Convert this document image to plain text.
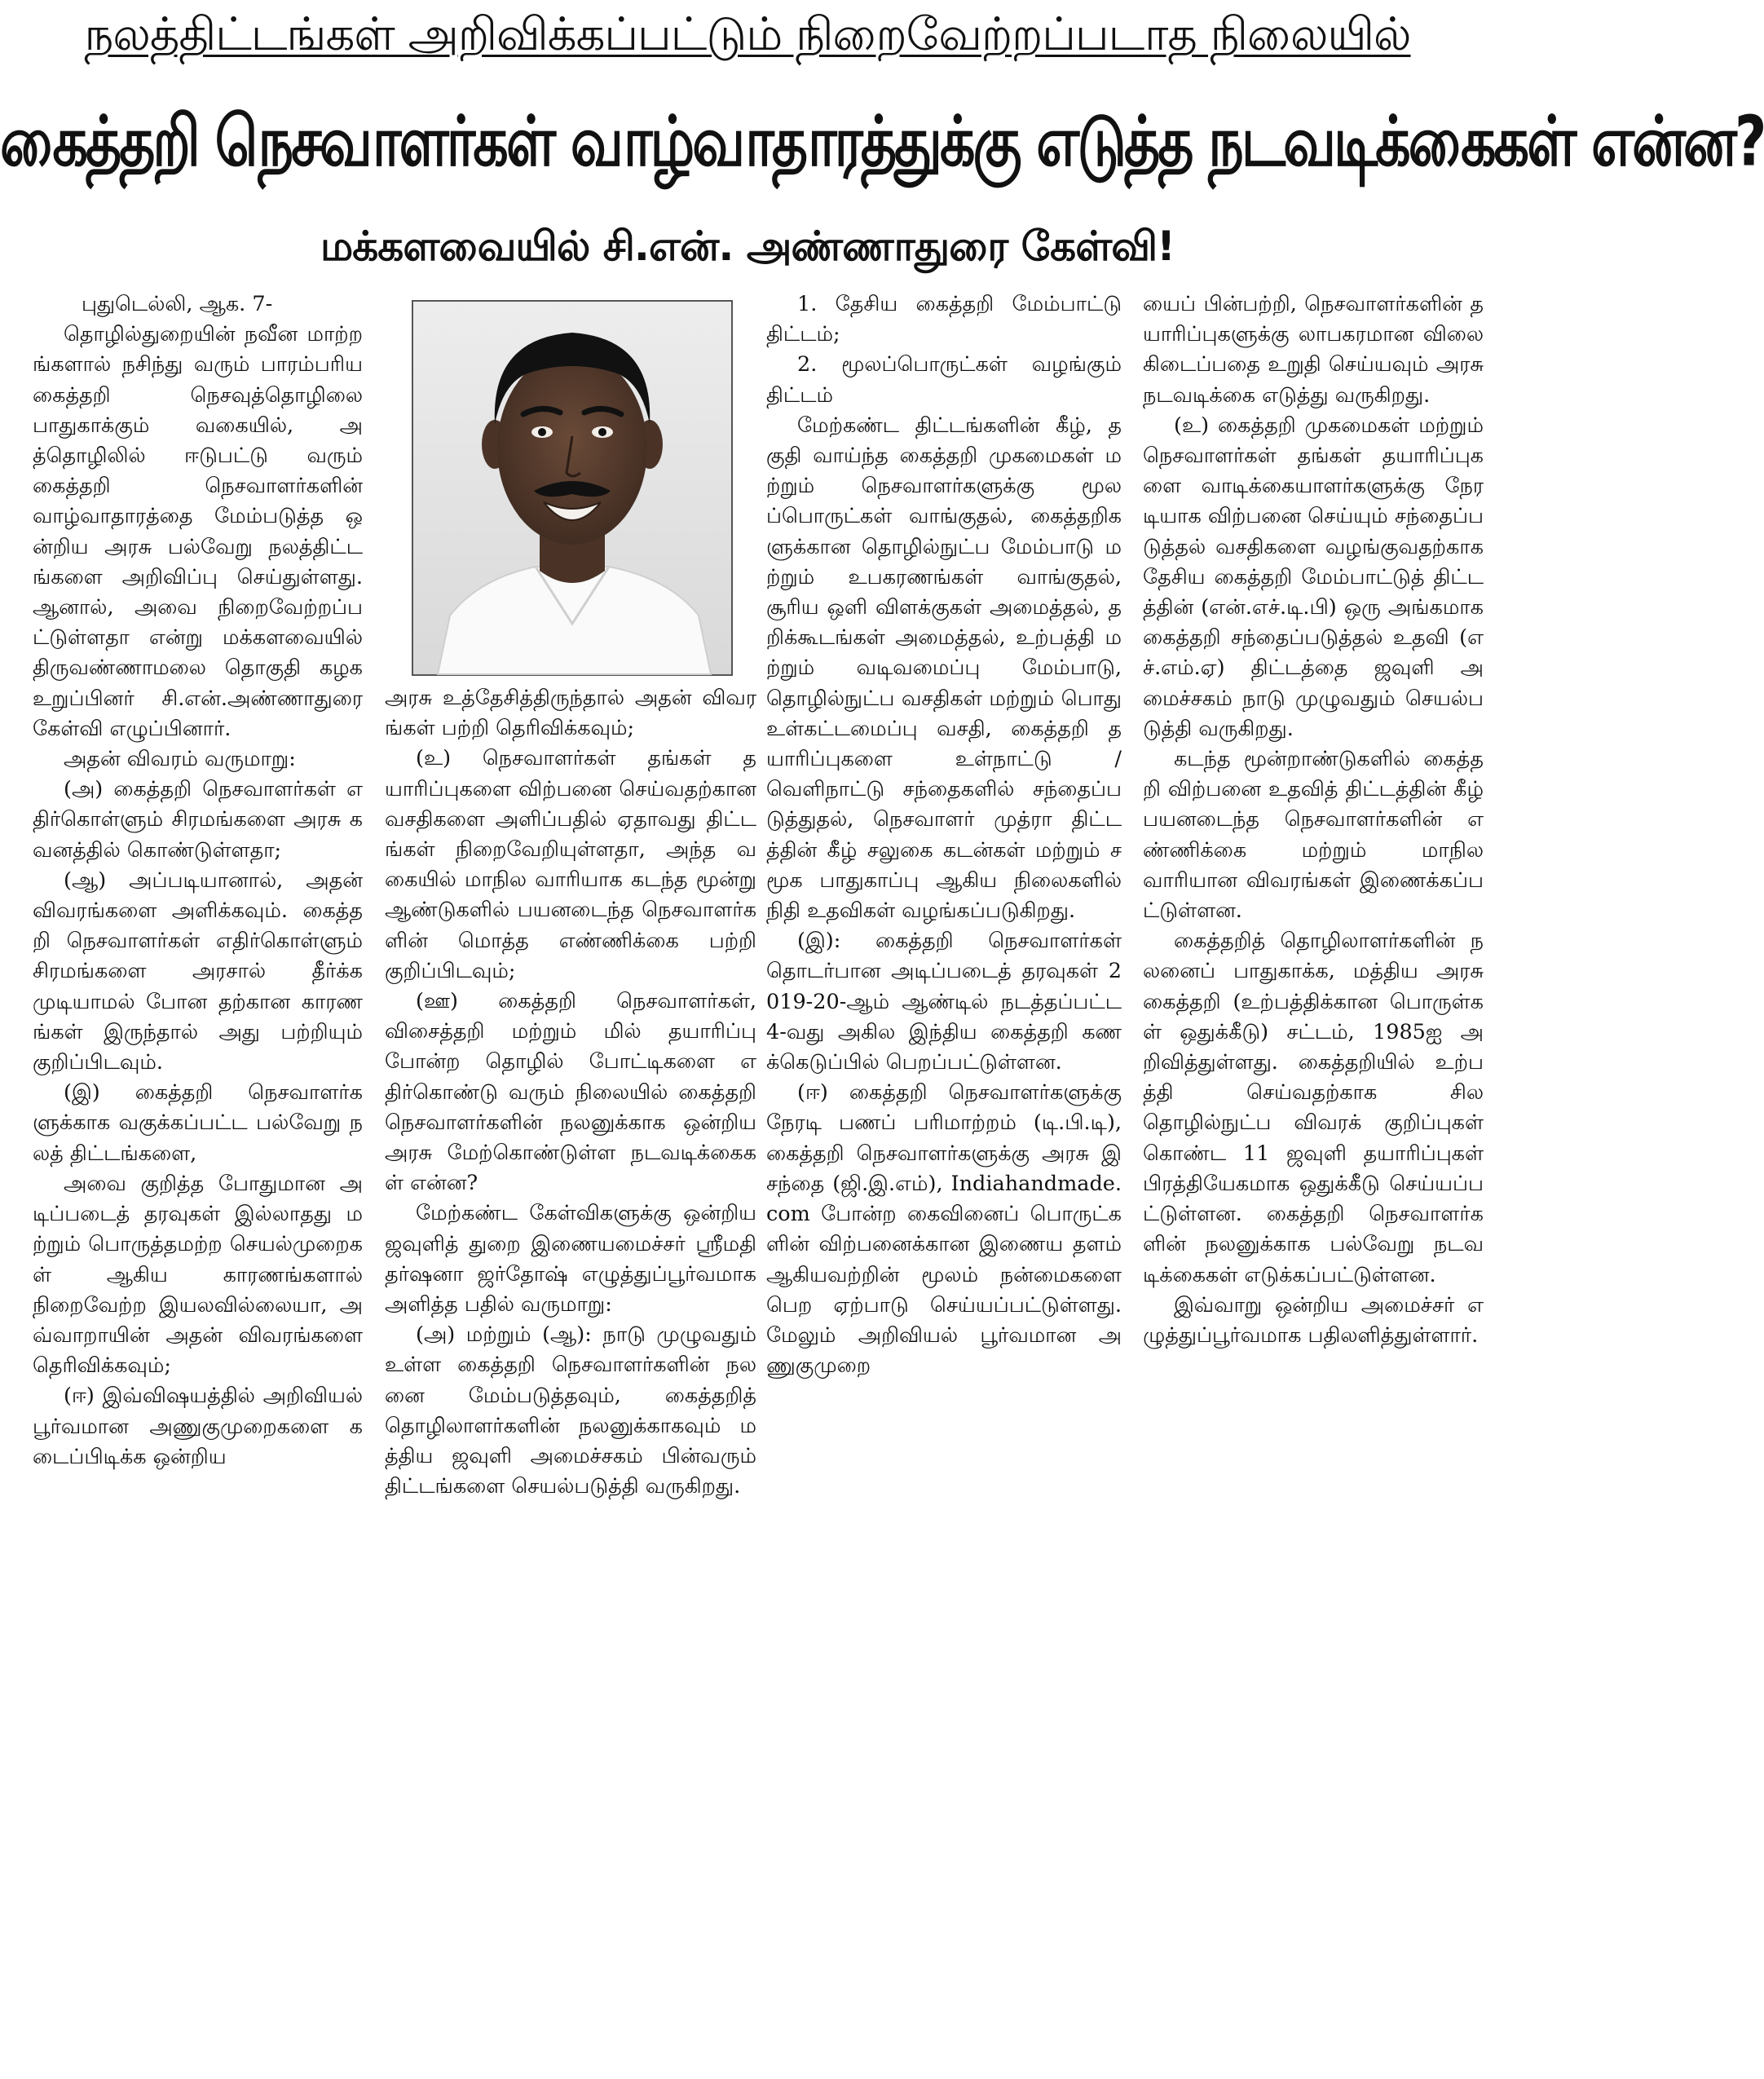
நலத்திட்டங்கள் அறிவிக்கப்பட்டும் நிறைவேற்றப்படாத நிலையில்
கைத்தறி நெசவாளர்கள் வாழ்வாதாரத்துக்கு எடுத்த நடவடிக்கைகள் என்ன?
மக்களவையில் சி.என். அண்ணாதுரை கேள்வி!

புதுடெல்லி, ஆக. 7-

தொழில்துறையின் நவீன மாற்றங்களால் நசிந்து வரும் பாரம்பரிய கைத்தறி நெசவுத்தொழிலை பாதுகாக்கும் வகையில், அத்தொழிலில் ஈடுபட்டு வரும் கைத்தறி நெசவாளர்களின் வாழ்வாதாரத்தை மேம்படுத்த ஒன்றிய அரசு பல்வேறு நலத்திட்டங்களை அறிவிப்பு செய்துள்ளது. ஆனால், அவை நிறைவேற்றப்பட்டுள்ளதா என்று மக்களவையில் திருவண்ணாமலை தொகுதி கழக உறுப்பினர் சி.என்.அண்ணாதுரை கேள்வி எழுப்பினார்.

அதன் விவரம் வருமாறு:

(அ) கைத்தறி நெசவாளர்கள் எதிர்கொள்ளும் சிரமங்களை அரசு கவனத்தில் கொண்டுள்ளதா;

(ஆ) அப்படியானால், அதன் விவரங்களை அளிக்கவும். கைத்தறி நெசவாளர்கள் எதிர்கொள்ளும் சிரமங்களை அரசால் தீர்க்க முடியாமல் போன தற்கான காரணங்கள் இருந்தால் அது பற்றியும் குறிப்பிடவும்.

(இ) கைத்தறி நெசவாளர்களுக்காக வகுக்கப்பட்ட பல்வேறு நலத் திட்டங்களை,

அவை குறித்த போதுமான அடிப்படைத் தரவுகள் இல்லாதது மற்றும் பொருத்தமற்ற செயல்முறைகள் ஆகிய காரணங்களால் நிறைவேற்ற இயலவில்லையா, அவ்வாறாயின் அதன் விவரங்களை தெரிவிக்கவும்;

(ஈ) இவ்விஷயத்தில் அறிவியல் பூர்வமான அணுகுமுறைகளை கடைப்பிடிக்க ஒன்றிய

அரசு உத்தேசித்திருந்தால் அதன் விவரங்கள் பற்றி தெரிவிக்கவும்;

(உ) நெசவாளர்கள் தங்கள் தயாரிப்புகளை விற்பனை செய்வதற்கான வசதிகளை அளிப்பதில் ஏதாவது திட்டங்கள் நிறைவேறியுள்ளதா, அந்த வகையில் மாநில வாரியாக கடந்த மூன்று ஆண்டுகளில் பயனடைந்த நெசவாளர்களின் மொத்த எண்ணிக்கை பற்றி குறிப்பிடவும்;

(ஊ) கைத்தறி நெசவாளர்கள், விசைத்தறி மற்றும் மில் தயாரிப்பு போன்ற தொழில் போட்டிகளை எதிர்கொண்டு வரும் நிலையில் கைத்தறி நெசவாளர்களின் நலனுக்காக ஒன்றிய அரசு மேற்கொண்டுள்ள நடவடிக்கைகள் என்ன?

மேற்கண்ட கேள்விகளுக்கு ஒன்றிய ஜவுளித் துறை இணையமைச்சர் ஸ்ரீமதி தர்ஷனா ஜர்தோஷ் எழுத்துப்பூர்வமாக அளித்த பதில் வருமாறு:

(அ) மற்றும் (ஆ): நாடு முழுவதும் உள்ள கைத்தறி நெசவாளர்களின் நலனை மேம்படுத்தவும், கைத்தறித் தொழிலாளர்களின் நலனுக்காகவும் மத்திய ஜவுளி அமைச்சகம் பின்வரும் திட்டங்களை செயல்படுத்தி வருகிறது.

1. தேசிய கைத்தறி மேம்பாட்டு திட்டம்;

2. மூலப்பொருட்கள் வழங்கும் திட்டம்

மேற்கண்ட திட்டங்களின் கீழ், தகுதி வாய்ந்த கைத்தறி முகமைகள் மற்றும் நெசவாளர்களுக்கு மூலப்பொருட்கள் வாங்குதல், கைத்தறிகளுக்கான தொழில்நுட்ப மேம்பாடு மற்றும் உபகரணங்கள் வாங்குதல், சூரிய ஒளி விளக்குகள் அமைத்தல், தறிக்கூடங்கள் அமைத்தல், உற்பத்தி மற்றும் வடிவமைப்பு மேம்பாடு, தொழில்நுட்ப வசதிகள் மற்றும் பொது உள்கட்டமைப்பு வசதி, கைத்தறி தயாரிப்புகளை உள்நாட்டு / வெளிநாட்டு சந்தைகளில் சந்தைப்படுத்துதல், நெசவாளர் முத்ரா திட்டத்தின் கீழ் சலுகை கடன்கள் மற்றும் சமூக பாதுகாப்பு ஆகிய நிலைகளில் நிதி உதவிகள் வழங்கப்படுகிறது.

(இ): கைத்தறி நெசவாளர்கள் தொடர்பான அடிப்படைத் தரவுகள் 2019-20-ஆம் ஆண்டில் நடத்தப்பட்ட 4-வது அகில இந்திய கைத்தறி கணக்கெடுப்பில் பெறப்பட்டுள்ளன.

(ஈ) கைத்தறி நெசவாளர்களுக்கு நேரடி பணப் பரிமாற்றம் (டி.பி.டி), கைத்தறி நெசவாளர்களுக்கு அரசு இ சந்தை (ஜி.இ.எம்), Indiahandmade.com போன்ற கைவினைப் பொருட்களின் விற்பனைக்கான இணைய தளம் ஆகியவற்றின் மூலம் நன்மைகளை பெற ஏற்பாடு செய்யப்பட்டுள்ளது. மேலும் அறிவியல் பூர்வமான அணுகுமுறை

யைப் பின்பற்றி, நெசவாளர்களின் தயாரிப்புகளுக்கு லாபகரமான விலை கிடைப்பதை உறுதி செய்யவும் அரசு நடவடிக்கை எடுத்து வருகிறது.

(உ) கைத்தறி முகமைகள் மற்றும் நெசவாளர்கள் தங்கள் தயாரிப்புகளை வாடிக்கையாளர்களுக்கு நேரடியாக விற்பனை செய்யும் சந்தைப்படுத்தல் வசதிகளை வழங்குவதற்காக தேசிய கைத்தறி மேம்பாட்டுத் திட்டத்தின் (என்.எச்.டி.பி) ஒரு அங்கமாக கைத்தறி சந்தைப்படுத்தல் உதவி (எச்.எம்.ஏ) திட்டத்தை ஜவுளி அமைச்சகம் நாடு முழுவதும் செயல்படுத்தி வருகிறது.

கடந்த மூன்றாண்டுகளில் கைத்தறி விற்பனை உதவித் திட்டத்தின் கீழ் பயனடைந்த நெசவாளர்களின் எண்ணிக்கை மற்றும் மாநில வாரியான விவரங்கள் இணைக்கப்பட்டுள்ளன.

கைத்தறித் தொழிலாளர்களின் நலனைப் பாதுகாக்க, மத்திய அரசு கைத்தறி (உற்பத்திக்கான பொருள்கள் ஒதுக்கீடு) சட்டம், 1985ஐ அறிவித்துள்ளது. கைத்தறியில் உற்பத்தி செய்வதற்காக சில தொழில்நுட்ப விவரக் குறிப்புகள் கொண்ட 11 ஜவுளி தயாரிப்புகள் பிரத்தியேகமாக ஒதுக்கீடு செய்யப்பட்டுள்ளன. கைத்தறி நெசவாளர்களின் நலனுக்காக பல்வேறு நடவடிக்கைகள் எடுக்கப்பட்டுள்ளன.

இவ்வாறு ஒன்றிய அமைச்சர் எழுத்துப்பூர்வமாக பதிலளித்துள்ளார்.
